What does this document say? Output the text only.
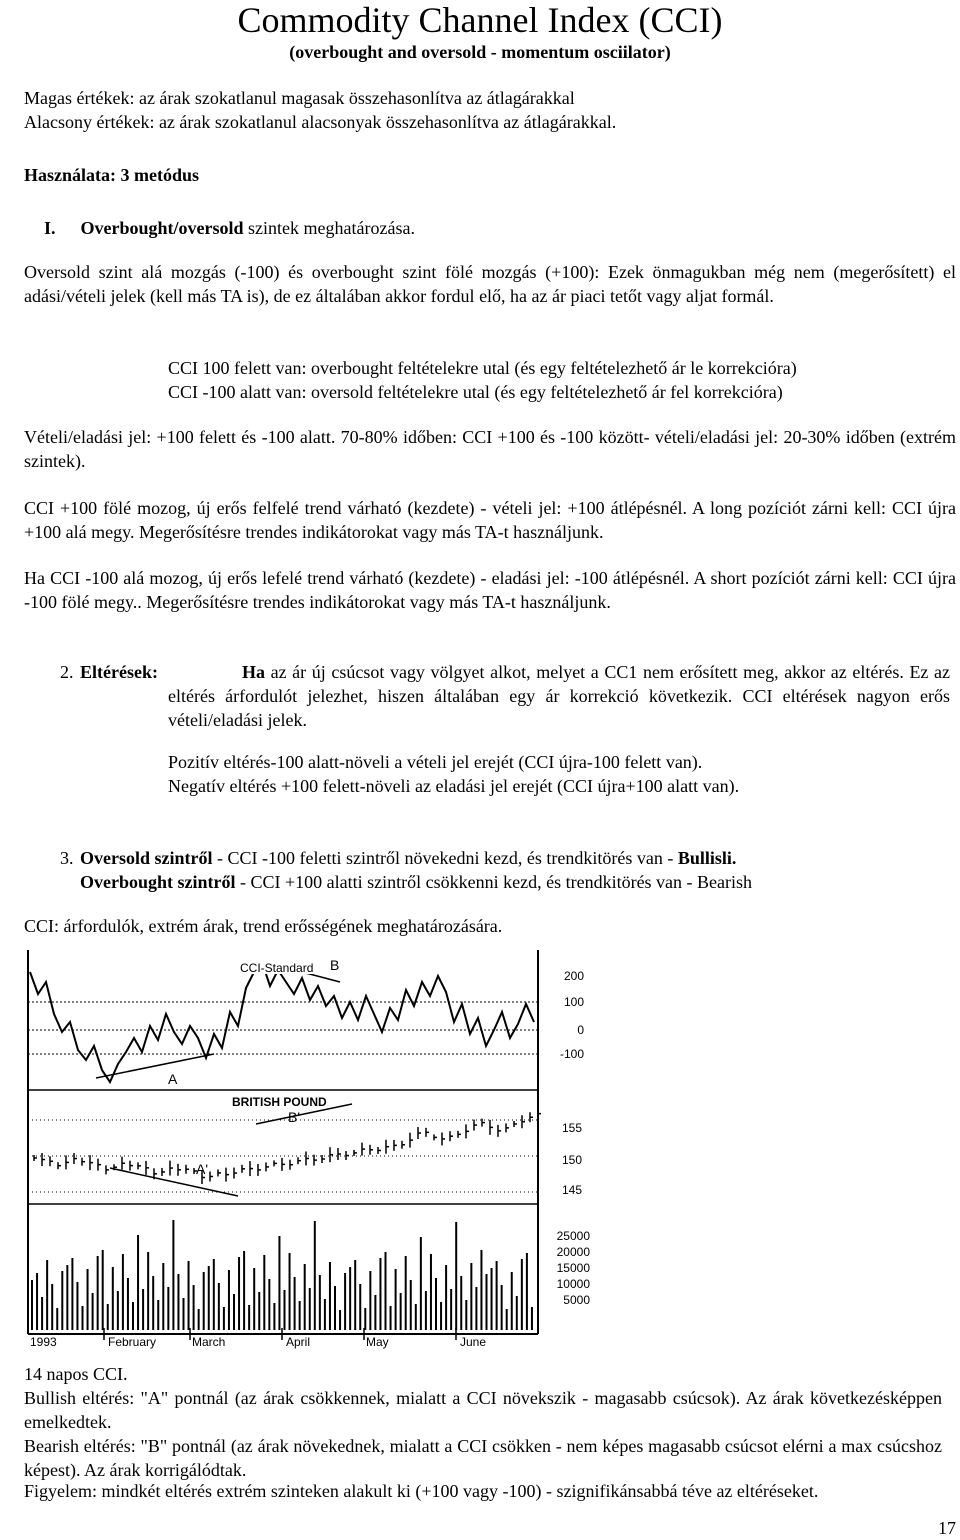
Commodity Channel Index (CCI)
(overbought and oversold - momentum osciilator)
Magas értékek: az árak szokatlanul magasak összehasonlítva az átlagárakkal
Alacsony értékek: az árak szokatlanul alacsonyak összehasonlítva az átlagárakkal.
Használata: 3 metódus
I. Overbought/oversold szintek meghatározása.
Oversold szint alá mozgás (-100) és overbought szint fölé mozgás (+100): Ezek önmagukban még nem (megerősített) el adási/vételi jelek (kell más TA is), de ez általában akkor fordul elő, ha az ár piaci tetőt vagy aljat formál.
CCI 100 felett van: overbought feltételekre utal (és egy feltételezhető ár le korrekcióra)
CCI -100 alatt van: oversold feltételekre utal (és egy feltételezhető ár fel korrekcióra)
Vételi/eladási jel: +100 felett és -100 alatt. 70-80% időben: CCI +100 és -100 között- vételi/eladási jel: 20-30% időben (extrém szintek).
CCI +100 fölé mozog, új erős felfelé trend várható (kezdete) - vételi jel: +100 átlépésnél. A long pozíciót zárni kell: CCI újra +100 alá megy. Megerősítésre trendes indikátorokat vagy más TA-t használjunk.
Ha CCI -100 alá mozog, új erős lefelé trend várható (kezdete) - eladási jel: -100 átlépésnél. A short pozíciót zárni kell: CCI újra -100 fölé megy.. Megerősítésre trendes indikátorokat vagy más TA-t használjunk.
2. Eltérések:	Ha az ár új csúcsot vagy völgyet alkot, melyet a CC1 nem erősített meg, akkor az eltérés. Ez az eltérés árfordulót jelezhet, hiszen általában egy ár korrekció következik. CCI eltérések nagyon erős vételi/eladási jelek.
Pozitív eltérés-100 alatt-növeli a vételi jel erejét (CCI újra-100 felett van).
Negatív eltérés +100 felett-növeli az eladási jel erejét (CCI újra+100 alatt van).
3. Oversold szintről - CCI -100 feletti szintről növekedni kezd, és trendkitörés van - Bullisli.
Overbought szintről - CCI +100 alatti szintről csökkenni kezd, és trendkitörés van - Bearish
CCI: árfordulók, extrém árak, trend erősségének meghatározására.
CCI-Standard
A
B
BRITISH POUND
B'
A'
200
100
0
-100
155
150
145
25000
20000
15000
10000
5000
1993	February	March	April	May	June
14 napos CCI.
Bullish eltérés: "A" pontnál (az árak csökkennek, mialatt a CCI növekszik - magasabb csúcsok). Az árak következésképpen emelkedtek.
Bearish eltérés: "B" pontnál (az árak növekednek, mialatt a CCI csökken - nem képes magasabb csúcsot elérni a max csúcshoz képest). Az árak korrigálódtak.
Figyelem: mindkét eltérés extrém szinteken alakult ki (+100 vagy -100) - szignifikánsabbá téve az eltéréseket.
17
